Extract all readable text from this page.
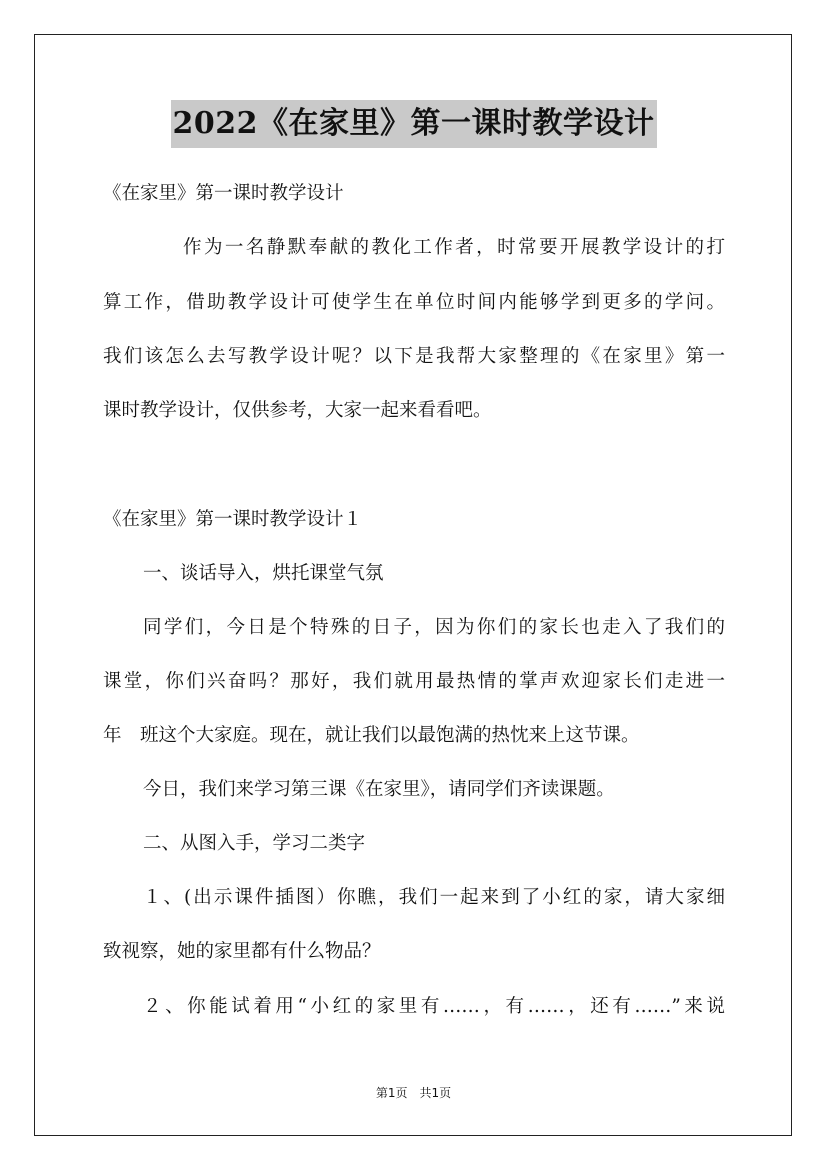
2022《在家里》第一课时教学设计
《在家里》第一课时教学设计
作为一名静默奉献的教化工作者，时常要开展教学设计的打
算工作，借助教学设计可使学生在单位时间内能够学到更多的学问。
我们该怎么去写教学设计呢？以下是我帮大家整理的《在家里》第一
课时教学设计，仅供参考，大家一起来看看吧。
《在家里》第一课时教学设计１
一、谈话导入，烘托课堂气氛
同学们，今日是个特殊的日子，因为你们的家长也走入了我们的
课堂，你们兴奋吗？那好，我们就用最热情的掌声欢迎家长们走进一
年　班这个大家庭。现在，就让我们以最饱满的热忱来上这节课。
今日，我们来学习第三课《在家里》，请同学们齐读课题。
二、从图入手，学习二类字
１、(出示课件插图）你瞧，我们一起来到了小红的家，请大家细
致视察，她的家里都有什么物品？
２、你能试着用“小红的家里有……，有……，还有……”来说
第1页　共1页
